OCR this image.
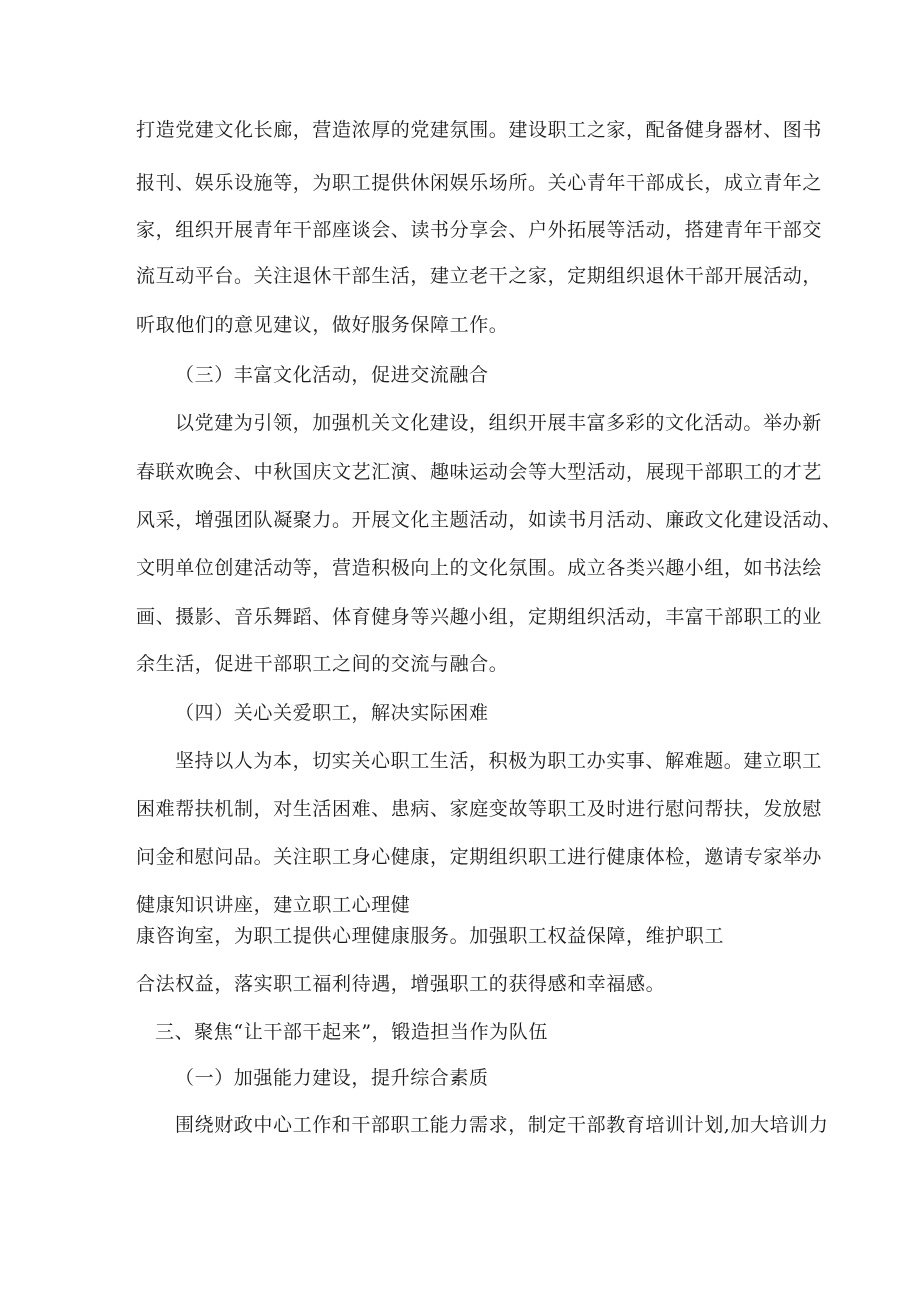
打造党建文化长廊，营造浓厚的党建氛围。建设职工之家，配备健身器材、图书
报刊、娱乐设施等，为职工提供休闲娱乐场所。关心青年干部成长，成立青年之
家，组织开展青年干部座谈会、读书分享会、户外拓展等活动，搭建青年干部交
流互动平台。关注退休干部生活，建立老干之家，定期组织退休干部开展活动，
听取他们的意见建议，做好服务保障工作。
（三）丰富文化活动，促进交流融合
以党建为引领，加强机关文化建设，组织开展丰富多彩的文化活动。举办新
春联欢晚会、中秋国庆文艺汇演、趣味运动会等大型活动，展现干部职工的才艺
风采，增强团队凝聚力。开展文化主题活动，如读书月活动、廉政文化建设活动、
文明单位创建活动等，营造积极向上的文化氛围。成立各类兴趣小组，如书法绘
画、摄影、音乐舞蹈、体育健身等兴趣小组，定期组织活动，丰富干部职工的业
余生活，促进干部职工之间的交流与融合。
（四）关心关爱职工，解决实际困难
坚持以人为本，切实关心职工生活，积极为职工办实事、解难题。建立职工
困难帮扶机制，对生活困难、患病、家庭变故等职工及时进行慰问帮扶，发放慰
问金和慰问品。关注职工身心健康，定期组织职工进行健康体检，邀请专家举办
健康知识讲座，建立职工心理健
康咨询室，为职工提供心理健康服务。加强职工权益保障，维护职工
合法权益，落实职工福利待遇，增强职工的获得感和幸福感。
三、聚焦“让干部干起来”，锻造担当作为队伍
（一）加强能力建设，提升综合素质
围绕财政中心工作和干部职工能力需求，制定干部教育培训计划,加大培训力
